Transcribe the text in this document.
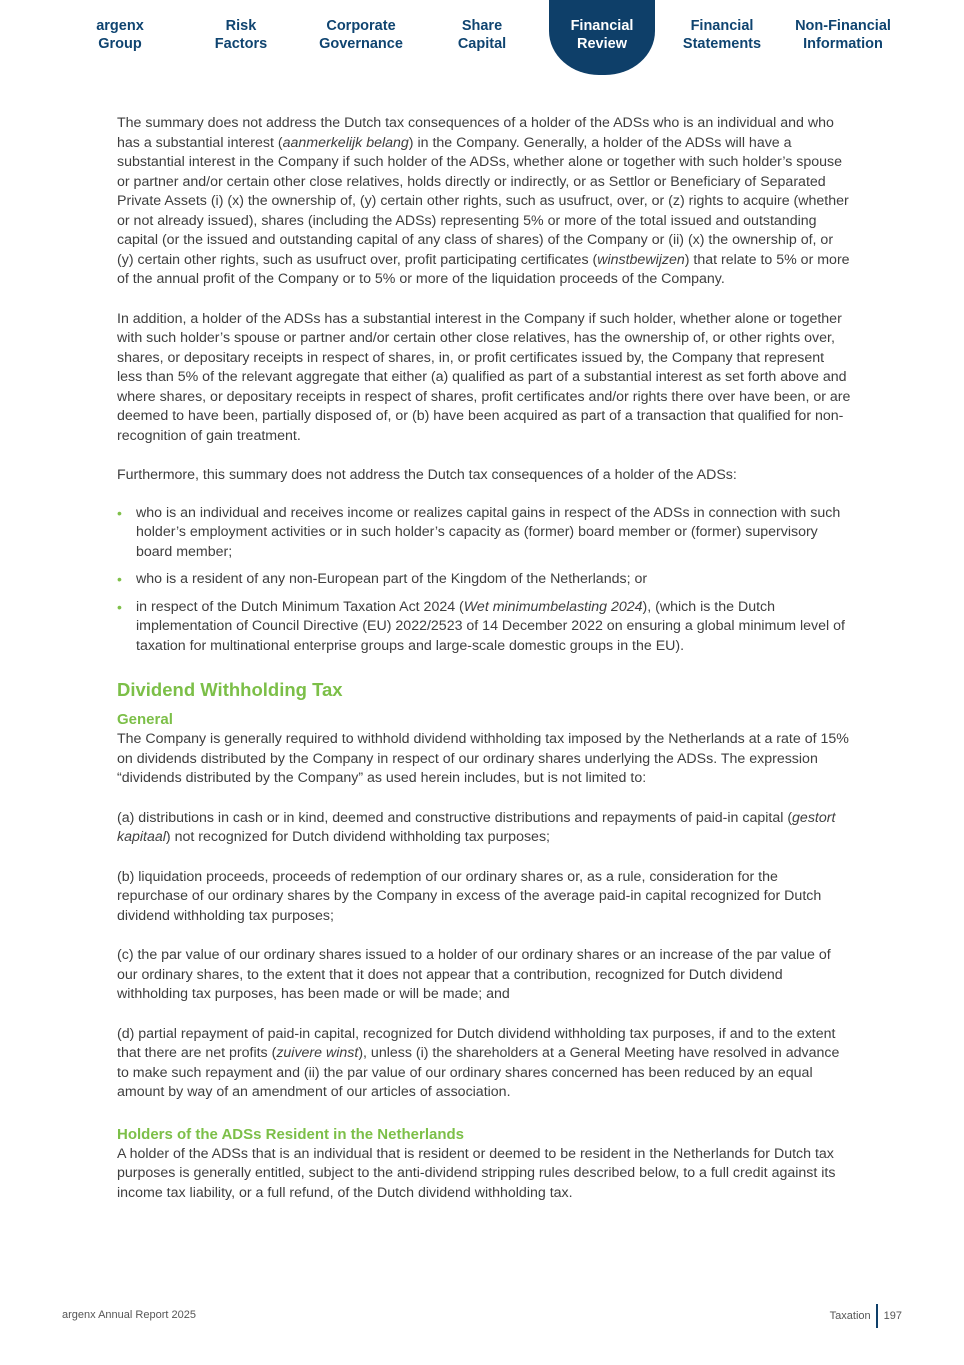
argenx
Group
Risk
Factors
Corporate
Governance
Share
Capital
Financial
Review
Financial
Statements
Non-Financial
Information

The summary does not address the Dutch tax consequences of a holder of the ADSs who is an individual and who has a substantial interest (aanmerkelijk belang) in the Company. Generally, a holder of the ADSs will have a substantial interest in the Company if such holder of the ADSs, whether alone or together with such holder’s spouse or partner and/or certain other close relatives, holds directly or indirectly, or as Settlor or Beneficiary of Separated Private Assets (i) (x) the ownership of, (y) certain other rights, such as usufruct, over, or (z) rights to acquire (whether or not already issued), shares (including the ADSs) representing 5% or more of the total issued and outstanding capital (or the issued and outstanding capital of any class of shares) of the Company or (ii) (x) the ownership of, or (y) certain other rights, such as usufruct over, profit participating certificates (winstbewijzen) that relate to 5% or more of the annual profit of the Company or to 5% or more of the liquidation proceeds of the Company.

In addition, a holder of the ADSs has a substantial interest in the Company if such holder, whether alone or together with such holder’s spouse or partner and/or certain other close relatives, has the ownership of, or other rights over, shares, or depositary receipts in respect of shares, in, or profit certificates issued by, the Company that represent less than 5% of the relevant aggregate that either (a) qualified as part of a substantial interest as set forth above and where shares, or depositary receipts in respect of shares, profit certificates and/or rights there over have been, or are deemed to have been, partially disposed of, or (b) have been acquired as part of a transaction that qualified for non-recognition of gain treatment.

Furthermore, this summary does not address the Dutch tax consequences of a holder of the ADSs:

• who is an individual and receives income or realizes capital gains in respect of the ADSs in connection with such holder’s employment activities or in such holder’s capacity as (former) board member or (former) supervisory board member;
• who is a resident of any non-European part of the Kingdom of the Netherlands; or
• in respect of the Dutch Minimum Taxation Act 2024 (Wet minimumbelasting 2024), (which is the Dutch implementation of Council Directive (EU) 2022/2523 of 14 December 2022 on ensuring a global minimum level of taxation for multinational enterprise groups and large-scale domestic groups in the EU).
Dividend Withholding Tax
General

The Company is generally required to withhold dividend withholding tax imposed by the Netherlands at a rate of 15% on dividends distributed by the Company in respect of our ordinary shares underlying the ADSs. The expression “dividends distributed by the Company” as used herein includes, but is not limited to:

(a) distributions in cash or in kind, deemed and constructive distributions and repayments of paid-in capital (gestort kapitaal) not recognized for Dutch dividend withholding tax purposes;

(b) liquidation proceeds, proceeds of redemption of our ordinary shares or, as a rule, consideration for the repurchase of our ordinary shares by the Company in excess of the average paid-in capital recognized for Dutch dividend withholding tax purposes;

(c) the par value of our ordinary shares issued to a holder of our ordinary shares or an increase of the par value of our ordinary shares, to the extent that it does not appear that a contribution, recognized for Dutch dividend withholding tax purposes, has been made or will be made; and

(d) partial repayment of paid-in capital, recognized for Dutch dividend withholding tax purposes, if and to the extent that there are net profits (zuivere winst), unless (i) the shareholders at a General Meeting have resolved in advance to make such repayment and (ii) the par value of our ordinary shares concerned has been reduced by an equal amount by way of an amendment of our articles of association.

Holders of the ADSs Resident in the Netherlands

A holder of the ADSs that is an individual that is resident or deemed to be resident in the Netherlands for Dutch tax purposes is generally entitled, subject to the anti-dividend stripping rules described below, to a full credit against its income tax liability, or a full refund, of the Dutch dividend withholding tax.

argenx Annual Report 2025	Taxation 197
